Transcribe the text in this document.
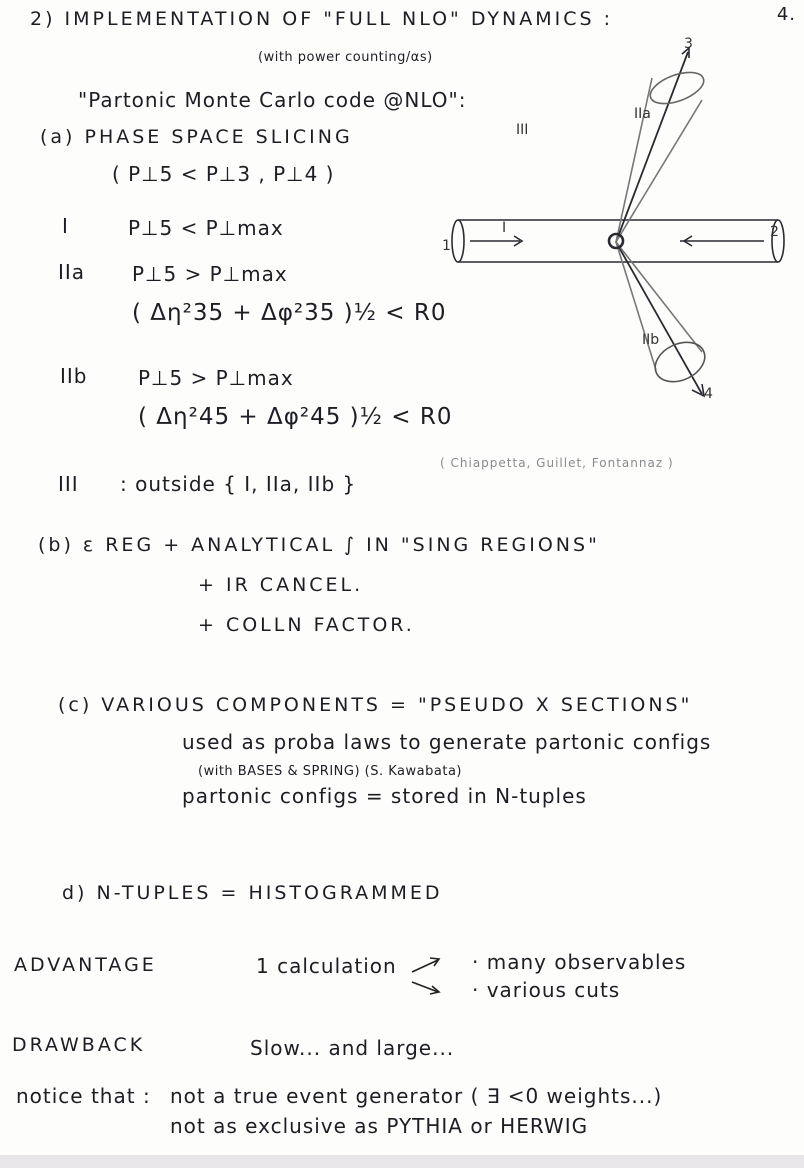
4.
2) IMPLEMENTATION OF "FULL NLO" DYNAMICS :
(with power counting/αs)
"Partonic Monte Carlo code @NLO":
(a) PHASE SPACE SLICING
( P⊥5 < P⊥3 , P⊥4 )
I	P⊥5 < P⊥max
IIa P⊥5 > P⊥max
( Δη²35 + Δφ²35 )½ < R0
IIb	P⊥5 > P⊥max
( Δη²45 + Δφ²45 )½ < R0
III : outside { I, IIa, IIb }
( Chiappetta, Guillet, Fontannaz )
III
I
IIa
IIb
1
2
3
4
(b) ε REG + ANALYTICAL ∫ IN "SING REGIONS"
+ IR CANCEL.
+ COLLN FACTOR.
(c) VARIOUS COMPONENTS = "PSEUDO X SECTIONS"
used as proba laws to generate partonic configs
(with BASES & SPRING) (S. Kawabata)
partonic configs = stored in N-tuples
d) N-TUPLES = HISTOGRAMMED
ADVANTAGE	1 calculation	· many observables
· various cuts
DRAWBACK	Slow... and large...
notice that : not a true event generator ( ∃ <0 weights...)
not as exclusive as PYTHIA or HERWIG
